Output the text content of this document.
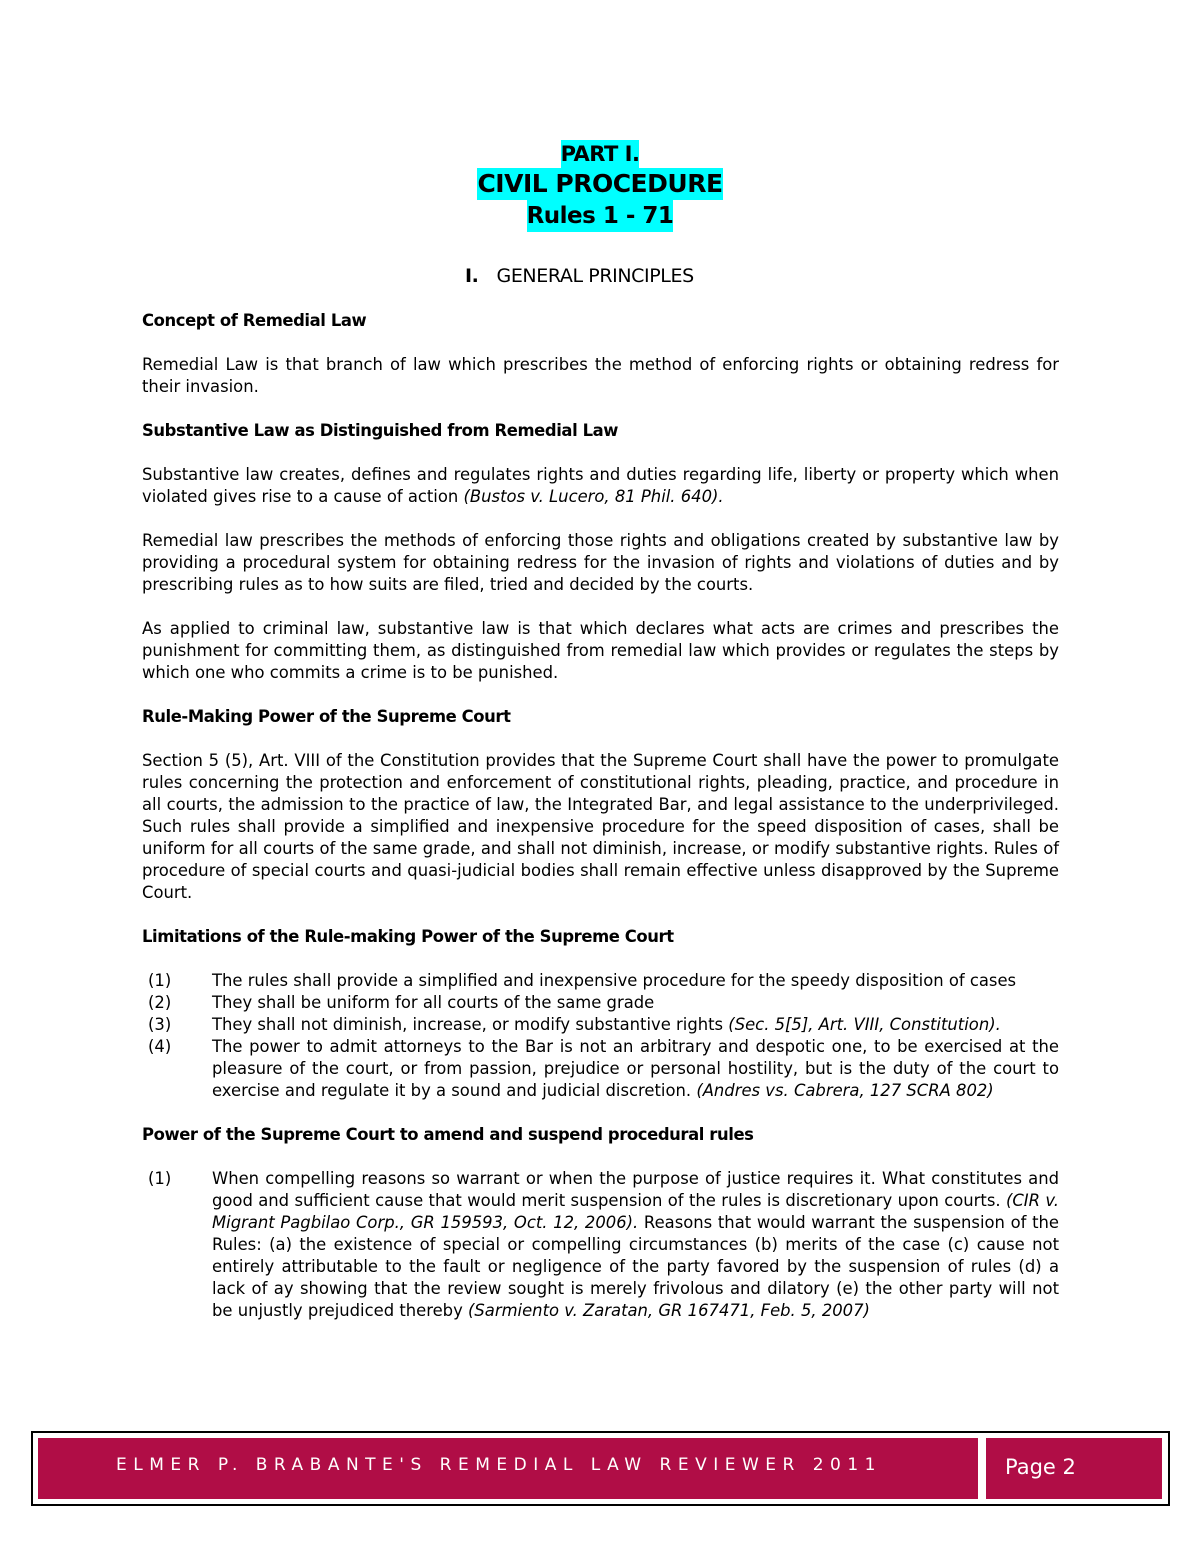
PART I.
CIVIL PROCEDURE
Rules 1 - 71
I. GENERAL PRINCIPLES
Concept of Remedial Law
Remedial Law is that branch of law which prescribes the method of enforcing rights or obtaining redress for their invasion.
Substantive Law as Distinguished from Remedial Law
Substantive law creates, defines and regulates rights and duties regarding life, liberty or property which when violated gives rise to a cause of action (Bustos v. Lucero, 81 Phil. 640).
Remedial law prescribes the methods of enforcing those rights and obligations created by substantive law by providing a procedural system for obtaining redress for the invasion of rights and violations of duties and by prescribing rules as to how suits are filed, tried and decided by the courts.
As applied to criminal law, substantive law is that which declares what acts are crimes and prescribes the punishment for committing them, as distinguished from remedial law which provides or regulates the steps by which one who commits a crime is to be punished.
Rule-Making Power of the Supreme Court
Section 5 (5), Art. VIII of the Constitution provides that the Supreme Court shall have the power to promulgate rules concerning the protection and enforcement of constitutional rights, pleading, practice, and procedure in all courts, the admission to the practice of law, the Integrated Bar, and legal assistance to the underprivileged. Such rules shall provide a simplified and inexpensive procedure for the speed disposition of cases, shall be uniform for all courts of the same grade, and shall not diminish, increase, or modify substantive rights. Rules of procedure of special courts and quasi-judicial bodies shall remain effective unless disapproved by the Supreme Court.
Limitations of the Rule-making Power of the Supreme Court
(1) The rules shall provide a simplified and inexpensive procedure for the speedy disposition of cases
(2) They shall be uniform for all courts of the same grade
(3) They shall not diminish, increase, or modify substantive rights (Sec. 5[5], Art. VIII, Constitution).
(4) The power to admit attorneys to the Bar is not an arbitrary and despotic one, to be exercised at the pleasure of the court, or from passion, prejudice or personal hostility, but is the duty of the court to exercise and regulate it by a sound and judicial discretion. (Andres vs. Cabrera, 127 SCRA 802)
Power of the Supreme Court to amend and suspend procedural rules
(1) When compelling reasons so warrant or when the purpose of justice requires it. What constitutes and good and sufficient cause that would merit suspension of the rules is discretionary upon courts. (CIR v. Migrant Pagbilao Corp., GR 159593, Oct. 12, 2006). Reasons that would warrant the suspension of the Rules: (a) the existence of special or compelling circumstances (b) merits of the case (c) cause not entirely attributable to the fault or negligence of the party favored by the suspension of rules (d) a lack of ay showing that the review sought is merely frivolous and dilatory (e) the other party will not be unjustly prejudiced thereby (Sarmiento v. Zaratan, GR 167471, Feb. 5, 2007)
ELMER P. BRABANTE'S REMEDIAL LAW REVIEWER 2011	Page 2
